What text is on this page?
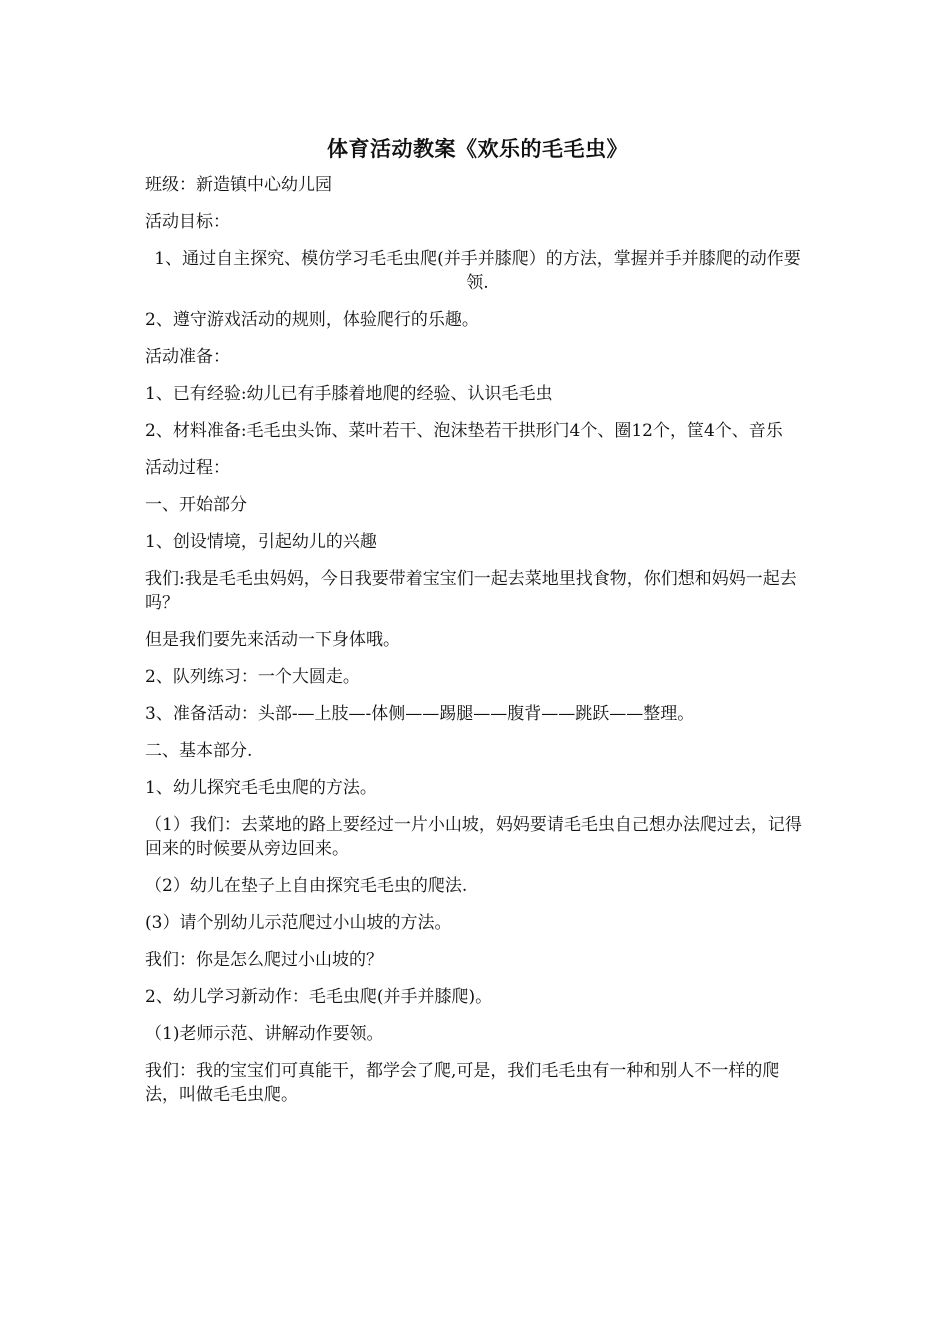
体育活动教案《欢乐的毛毛虫》
班级：新造镇中心幼儿园
活动目标：
1、通过自主探究、模仿学习毛毛虫爬(并手并膝爬）的方法，掌握并手并膝爬的动作要领.
2、遵守游戏活动的规则，体验爬行的乐趣。
活动准备：
1、已有经验:幼儿已有手膝着地爬的经验、认识毛毛虫
2、材料准备:毛毛虫头饰、菜叶若干、泡沫垫若干拱形门4个、圈12个，筐4个、音乐
活动过程：
一、开始部分
1、创设情境，引起幼儿的兴趣
我们:我是毛毛虫妈妈，今日我要带着宝宝们一起去菜地里找食物，你们想和妈妈一起去吗？
但是我们要先来活动一下身体哦。
2、队列练习：一个大圆走。
3、准备活动：头部-—上肢—-体侧——踢腿——腹背——跳跃——整理。
二、基本部分.
1、幼儿探究毛毛虫爬的方法。
（1）我们：去菜地的路上要经过一片小山坡，妈妈要请毛毛虫自己想办法爬过去，记得回来的时候要从旁边回来。
（2）幼儿在垫子上自由探究毛毛虫的爬法.
(3）请个别幼儿示范爬过小山坡的方法。
我们：你是怎么爬过小山坡的？
2、幼儿学习新动作：毛毛虫爬(并手并膝爬)。
（1)老师示范、讲解动作要领。
我们：我的宝宝们可真能干，都学会了爬,可是，我们毛毛虫有一种和别人不一样的爬法，叫做毛毛虫爬。
